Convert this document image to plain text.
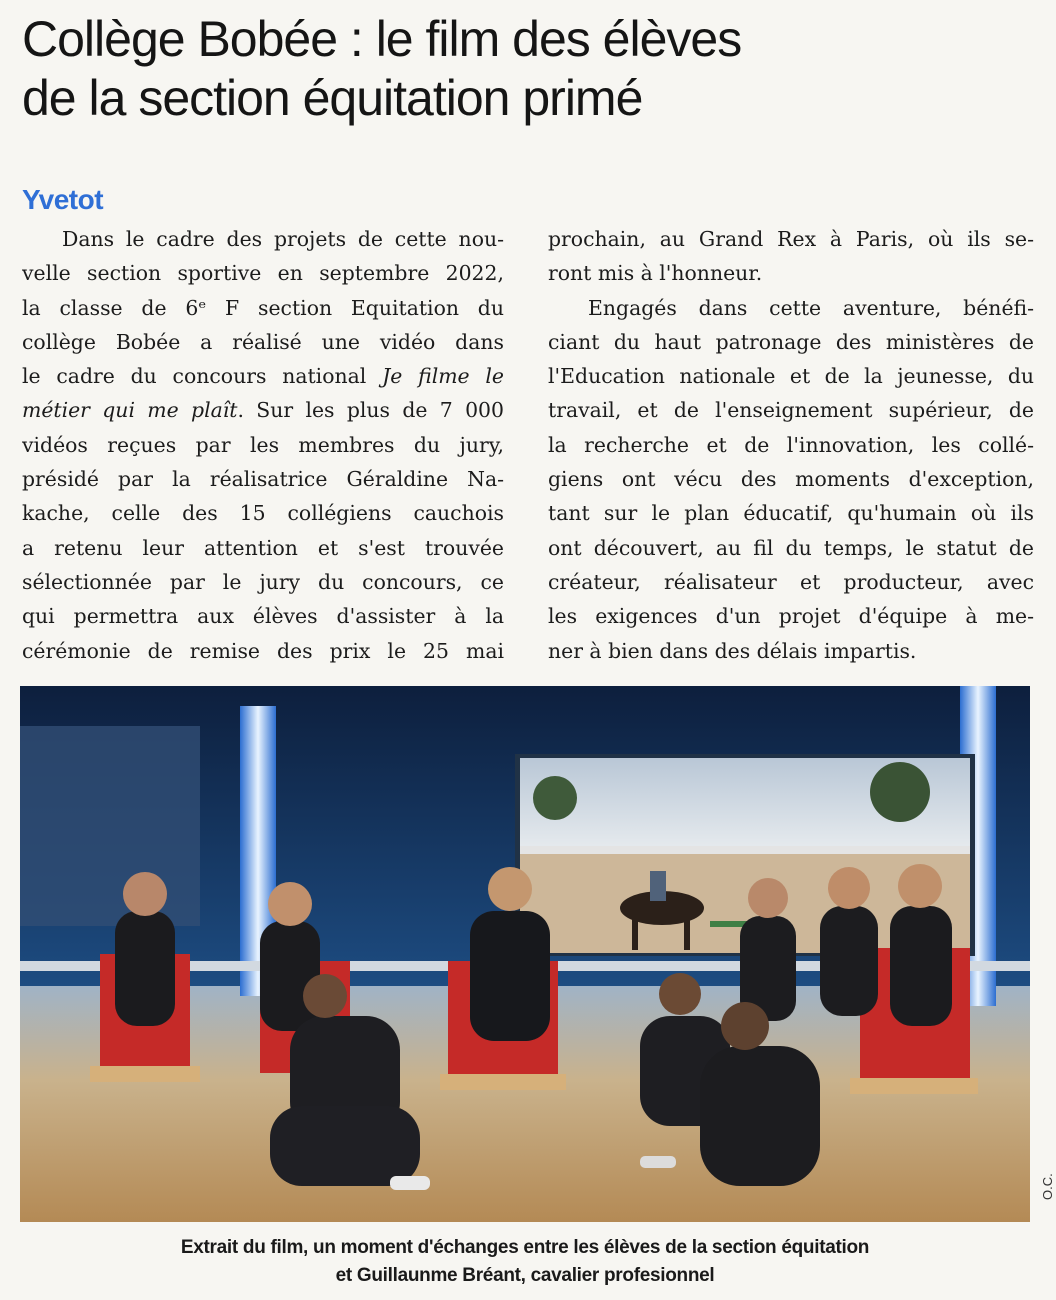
Collège Bobée : le film des élèves
de la section équitation primé
Yvetot
Dans le cadre des projets de cette nou-
velle section sportive en septembre 2022,
la classe de 6ᵉ F section Equitation du
collège Bobée a réalisé une vidéo dans
le cadre du concours national Je filme le
métier qui me plaît. Sur les plus de 7 000
vidéos reçues par les membres du jury,
présidé par la réalisatrice Géraldine Na-
kache, celle des 15 collégiens cauchois
a retenu leur attention et s'est trouvée
sélectionnée par le jury du concours, ce
qui permettra aux élèves d'assister à la
cérémonie de remise des prix le 25 mai
prochain, au Grand Rex à Paris, où ils se-
ront mis à l'honneur.
Engagés dans cette aventure, bénéfi-
ciant du haut patronage des ministères de
l'Education nationale et de la jeunesse, du
travail, et de l'enseignement supérieur, de
la recherche et de l'innovation, les collé-
giens ont vécu des moments d'exception,
tant sur le plan éducatif, qu'humain où ils
ont découvert, au fil du temps, le statut de
créateur, réalisateur et producteur, avec
les exigences d'un projet d'équipe à me-
ner à bien dans des délais impartis.
O.C.
Extrait du film, un moment d'échanges entre les élèves de la section équitation
et Guillaunme Bréant, cavalier profesionnel
